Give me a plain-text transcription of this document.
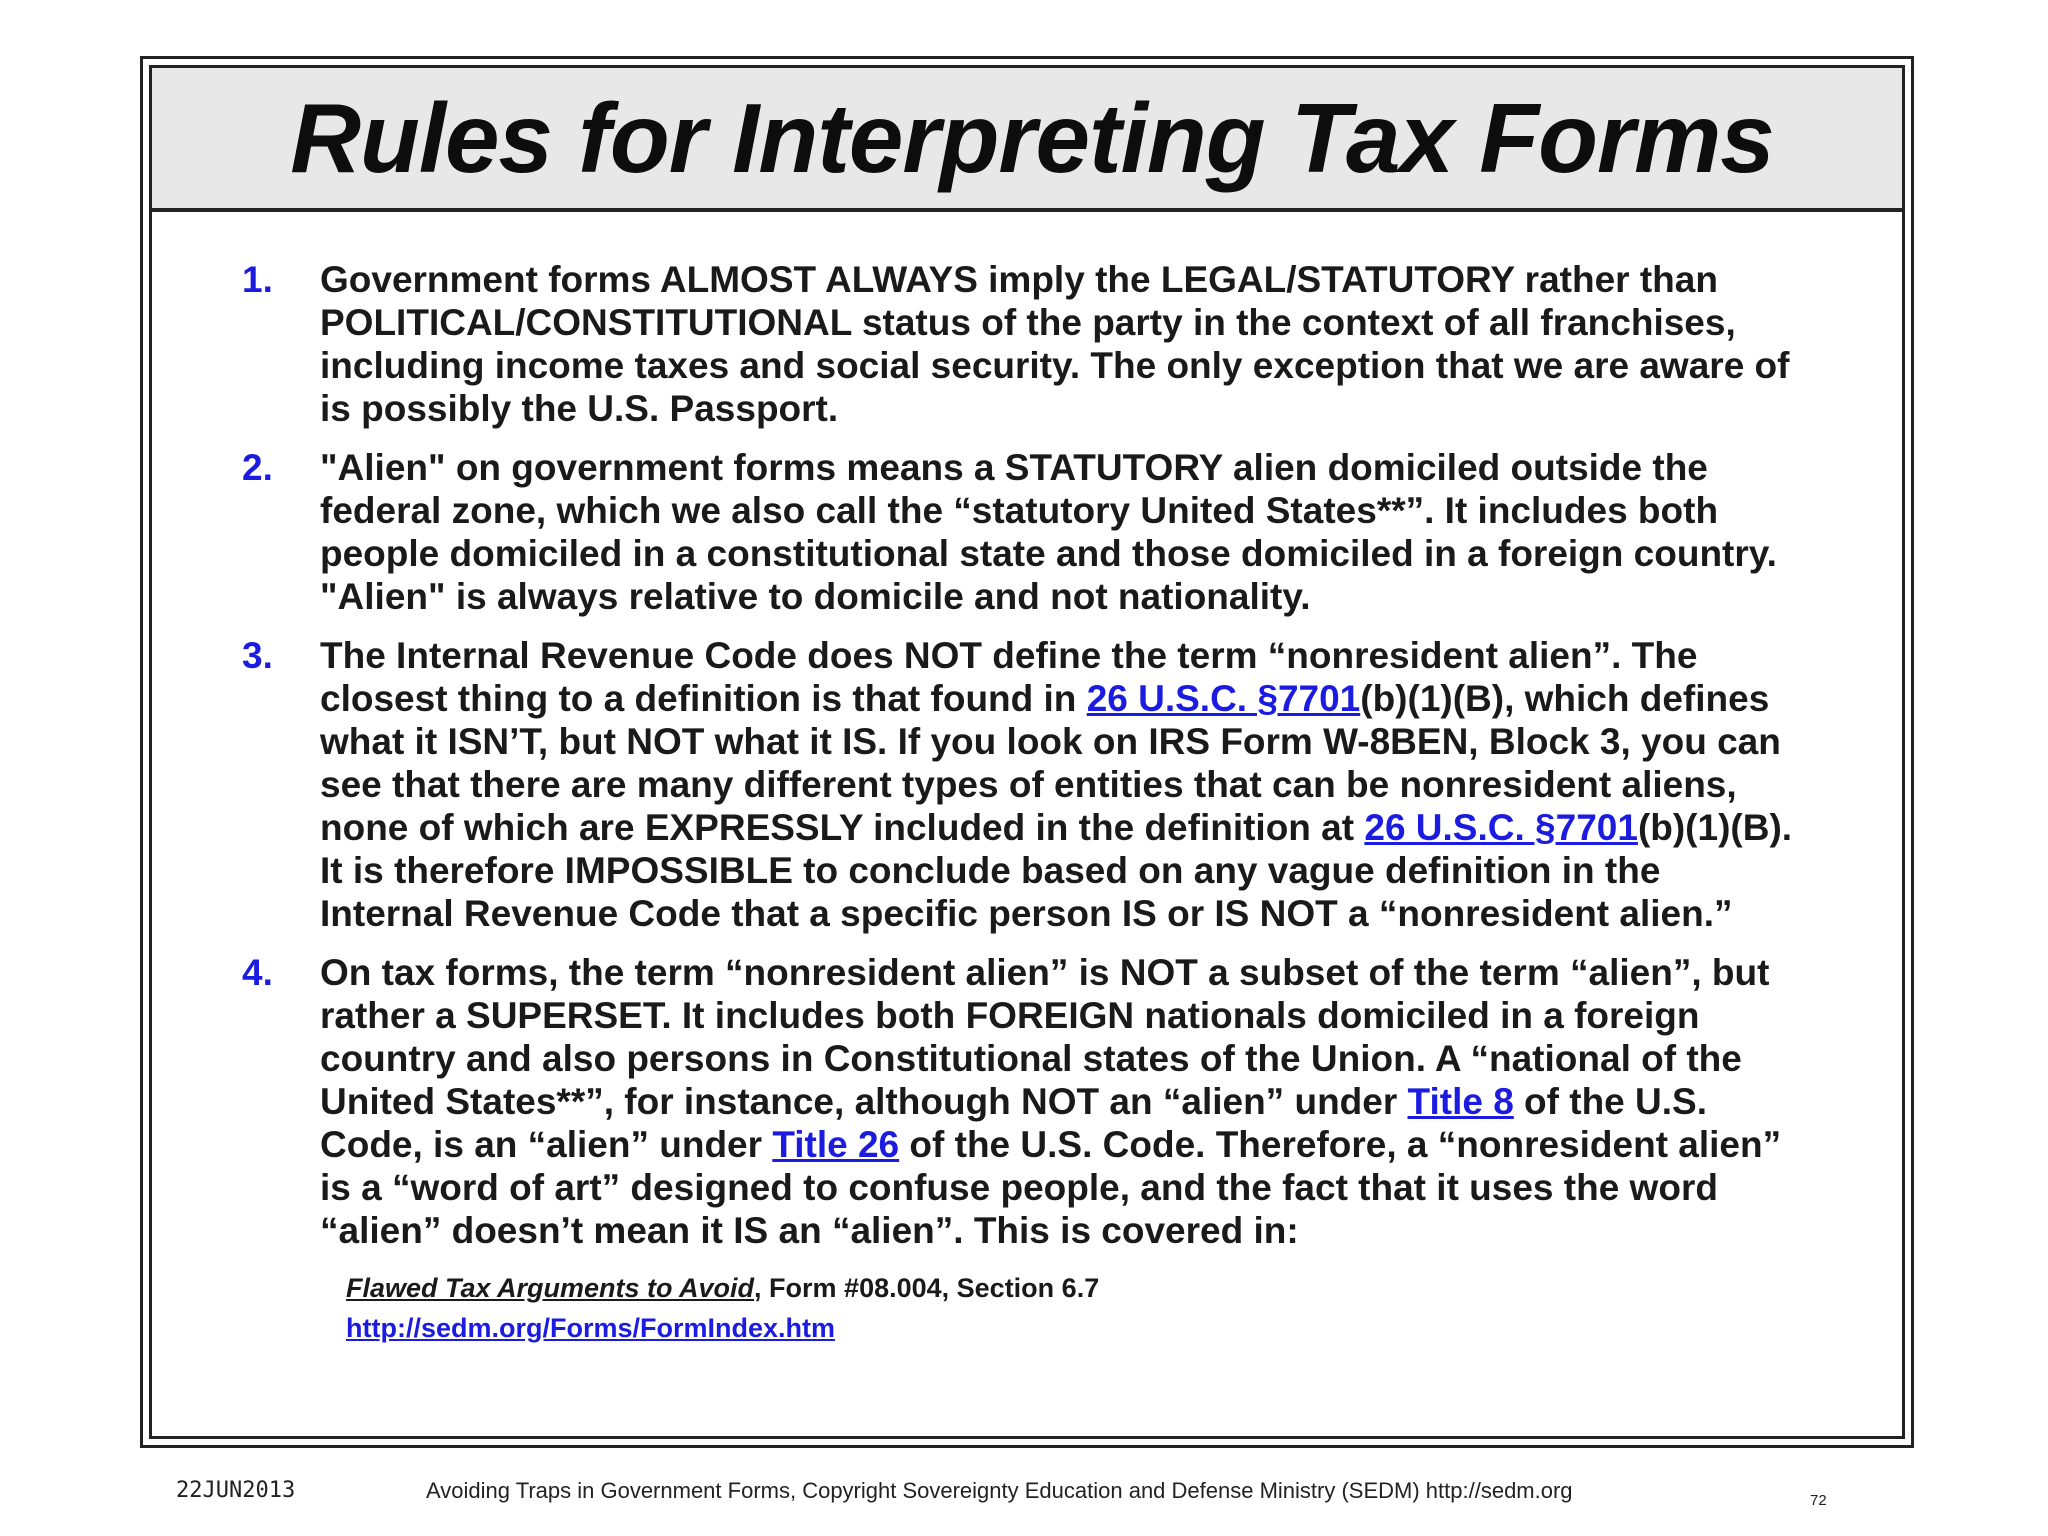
Rules for Interpreting Tax Forms
1.	Government forms ALMOST ALWAYS imply the LEGAL/STATUTORY rather than POLITICAL/CONSTITUTIONAL status of the party in the context of all franchises, including income taxes and social security. The only exception that we are aware of is possibly the U.S. Passport.
2.	"Alien" on government forms means a STATUTORY alien domiciled outside the federal zone, which we also call the “statutory United States**”. It includes both people domiciled in a constitutional state and those domiciled in a foreign country. "Alien" is always relative to domicile and not nationality.
3.	The Internal Revenue Code does NOT define the term “nonresident alien”. The closest thing to a definition is that found in 26 U.S.C. §7701(b)(1)(B), which defines what it ISN’T, but NOT what it IS. If you look on IRS Form W-8BEN, Block 3, you can see that there are many different types of entities that can be nonresident aliens, none of which are EXPRESSLY included in the definition at 26 U.S.C. §7701(b)(1)(B). It is therefore IMPOSSIBLE to conclude based on any vague definition in the Internal Revenue Code that a specific person IS or IS NOT a “nonresident alien.”
4.	On tax forms, the term “nonresident alien” is NOT a subset of the term “alien”, but rather a SUPERSET. It includes both FOREIGN nationals domiciled in a foreign country and also persons in Constitutional states of the Union. A “national of the United States**”, for instance, although NOT an “alien” under Title 8 of the U.S. Code, is an “alien” under Title 26 of the U.S. Code. Therefore, a “nonresident alien” is a “word of art” designed to confuse people, and the fact that it uses the word “alien” doesn’t mean it IS an “alien”. This is covered in:
Flawed Tax Arguments to Avoid, Form #08.004, Section 6.7
http://sedm.org/Forms/FormIndex.htm
22JUN2013	Avoiding Traps in Government Forms, Copyright Sovereignty Education and Defense Ministry (SEDM) http://sedm.org	72
